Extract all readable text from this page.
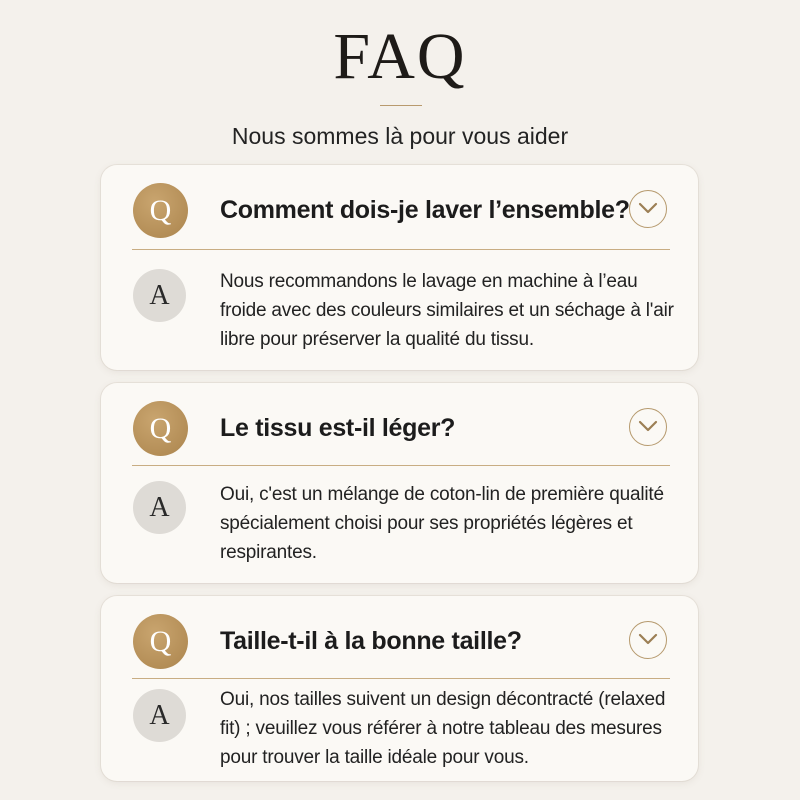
FAQ
Nous sommes là pour vous aider
Q	Comment dois-je laver l’ensemble?
A	Nous recommandons le lavage en machine à l’eau froide avec des couleurs similaires et un séchage à l'air libre pour préserver la qualité du tissu.
Q	Le tissu est-il léger?
A	Oui, c'est un mélange de coton-lin de première qualité spécialement choisi pour ses propriétés légères et respirantes.
Q	Taille-t-il à la bonne taille?
A
Oui, nos tailles suivent un design décontracté (relaxed fit) ; veuillez vous référer à notre tableau des mesures pour trouver la taille idéale pour vous.
